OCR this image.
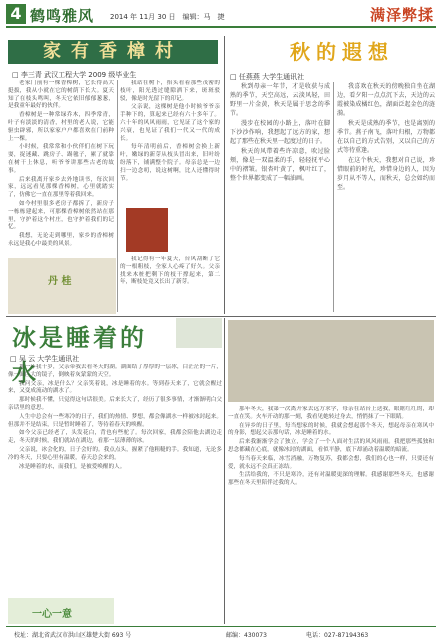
4 鹤鸣雅风 2014 年 11月 30 日　编辑：马　捷	满泽弊揉
家有香樟村
□ 李三青 武汉工程大学 2009 级毕业生

老家门前有一棵香樟树，它长得高大挺拔，我从小就在它的树荫下长大。夏天知了在枝头鸣叫，冬天它依旧郁郁葱葱，是我童年最好的伙伴。

香樟树是一种常绿乔木，四季常青，叶子有淡淡的清香，村里的老人说，它能驱虫辟邪，所以家家户户都喜欢在门前种上一棵。

小时候，我常常和小伙伴们在树下玩耍，捉迷藏、跳房子、踢毽子，累了就靠在树干上休息，听爷爷讲那些古老的故事。

后来我离开家乡去外地读书，每次回家，远远看见那棵香樟树，心里就踏实了，仿佛它一直在那里等着我回来。

如今村里很多老房子都拆了，新房子一栋栋建起来，可那棵香樟树依然站在那里，守护着这个村庄，也守护着我们的记忆。

我想，无论走到哪里，家乡的香樟树永远是我心中最美的风景。

我站在树下，抬头看着那些茂密的枝叶，阳光透过缝隙洒下来，斑斑驳驳，像是时光留下的印记。

父亲说，这棵树是他小时候爷爷亲手种下的，算起来已经有六十多年了。六十年的风风雨雨，它见证了这个家的兴衰，也见证了我们一代又一代的成长。

每年清明前后，香樟树会换上新叶，嫩绿的新芽从枝头冒出来，旧叶纷纷落下，铺满整个院子。母亲总是一边扫一边念叨，说这树啊，比人还懂得时节。

丹 桂

我记得有一年夏天，台风刮断了它的一根粗枝，全家人心疼了好久。父亲找来木桩把剩下的枝干撑起来，第二年，断枝处竟又长出了新芽。

秋的遐想
□ 任燕燕 大学生通讯社

秋到母亲一年节，才是收获与成熟的季节，天空高远，云淡风轻，田野里一片金黄，秋天是属于思念的季节。

漫步在校园的小路上，落叶在脚下沙沙作响，我想起了远方的家，想起了那些在秋天里一起度过的日子。

秋天的风带着些许凉意，吹过脸颊，像是一双温柔的手，轻轻抚平心中的褶皱。银杏叶黄了，枫叶红了，整个世界都变成了一幅油画。

我喜欢在秋天的傍晚独自坐在湖边，看夕阳一点点沉下去，天边的云霞被染成橘红色，湖面泛起金色的涟漪。

秋天是成熟的季节，也是离别的季节。燕子南飞，落叶归根，万物都在以自己的方式告别，又以自己的方式等待重逢。

在这个秋天，我想对自己说，珍惜眼前的时光，珍惜身边的人，因为岁月从不等人，而秋天，总会如约而至。

冰是睡着的水
□ 吴 云 大学生通讯社

那一年我十岁，父亲带我去看冬天的湖。湖面结了厚厚的一层冰，白茫茫的一片，像一面巨大的镜子，倒映着灰蒙蒙的天空。

我问父亲，冰是什么？父亲笑着说，冰是睡着的水。等到春天来了，它就会醒过来，又变成流动的湖水了。

那时候我不懂，只觉得这句话很美。后来长大了，经历了很多事情，才渐渐明白父亲话里的意思。

人生中总会有一些寒冷的日子，我们的热情、梦想，都会像湖水一样被冰封起来。但那并不是结束，只是暂时睡着了，等待着春天的唤醒。

如今父亲已经老了，头发花白，背也有些驼了。每次回家，我都会陪他去湖边走走，冬天的时候，我们就站在湖边，看那一层薄薄的冰。

父亲说，冰会化的，日子会好的。我点点头，握紧了他粗糙的手。我知道，无论多冷的冬天，只要心里有温暖，春天总会来的。

冰是睡着的水，而我们，是被爱唤醒的人。

一心一意

那年冬天，我第一次离开家去远方求学，母亲在站台上送我，眼眶红红的，却一直在笑。火车开动的那一刻，我看见她转过身去，悄悄抹了一下眼睛。

在异乡的日子里，每当想家的时候，我就会想起那个冬天，想起母亲在寒风中的身影，想起父亲那句话，冰是睡着的水。

后来我渐渐学会了独立，学会了一个人面对生活的风风雨雨。我把那些孤独和思念都藏在心底，就像冰封的湖面，看似平静，底下却涌动着温暖的暗流。

每当春天来临，冰雪消融，万物复苏，我都会想，我们的心也一样，只要还有爱，就永远不会真正冻结。

生活给我的，不只是寒冷，还有对温暖更深的理解。我感谢那些冬天，也感谢那些在冬天里陪伴过我的人。

校址：湖北省武汉市洪山区雄楚大街 693 号	邮编：430073	电话：027-87194363
